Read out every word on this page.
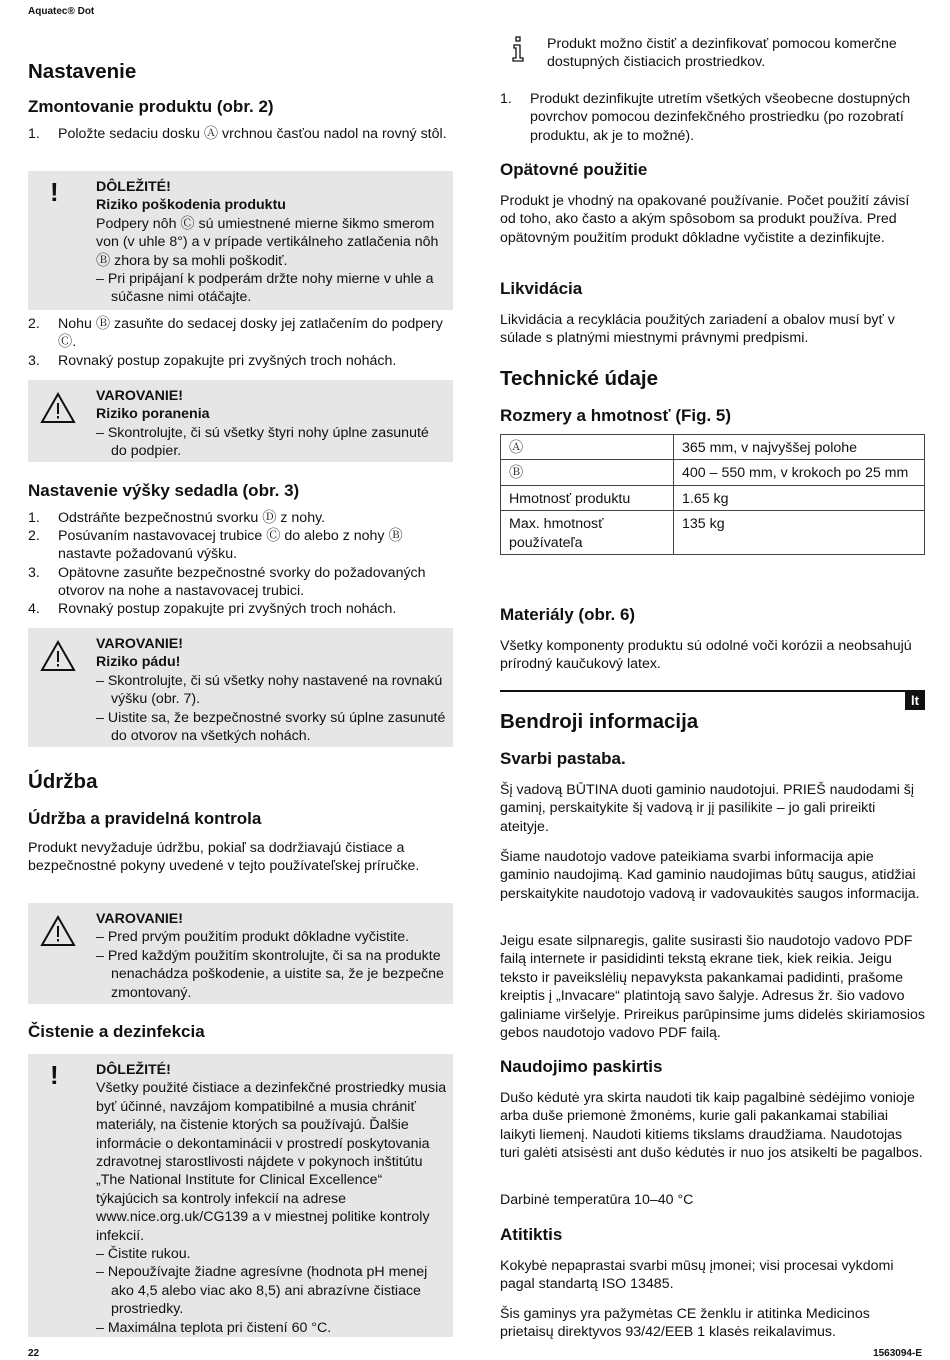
Aquatec® Dot
Nastavenie
Zmontovanie produktu (obr. 2)
1. Položte sedaciu dosku Ⓐ vrchnou časťou nadol na rovný stôl.
!	DÔLEŽITÉ!
Riziko poškodenia produktu
Podpery nôh Ⓒ sú umiestnené mierne šikmo smerom von (v uhle 8°) a v prípade vertikálneho zatlačenia nôh Ⓑ zhora by sa mohli poškodiť.
– Pri pripájaní k podperám držte nohy mierne v uhle a súčasne nimi otáčajte.
2. Nohu Ⓑ zasuňte do sedacej dosky jej zatlačením do podpery Ⓒ.
3. Rovnaký postup zopakujte pri zvyšných troch nohách.
VAROVANIE!
Riziko poranenia
– Skontrolujte, či sú všetky štyri nohy úplne zasunuté do podpier.
Nastavenie výšky sedadla (obr. 3)
1. Odstráňte bezpečnostnú svorku Ⓓ z nohy.
2. Posúvaním nastavovacej trubice Ⓒ do alebo z nohy Ⓑ nastavte požadovanú výšku.
3. Opätovne zasuňte bezpečnostné svorky do požadovaných otvorov na nohe a nastavovacej trubici.
4. Rovnaký postup zopakujte pri zvyšných troch nohách.
VAROVANIE!
Riziko pádu!
– Skontrolujte, či sú všetky nohy nastavené na rovnakú výšku (obr. 7).
– Uistite sa, že bezpečnostné svorky sú úplne zasunuté do otvorov na všetkých nohách.
Údržba
Údržba a pravidelná kontrola
Produkt nevyžaduje údržbu, pokiaľ sa dodržiavajú čistiace a bezpečnostné pokyny uvedené v tejto používateľskej príručke.
VAROVANIE!
– Pred prvým použitím produkt dôkladne vyčistite.
– Pred každým použitím skontrolujte, či sa na produkte nenachádza poškodenie, a uistite sa, že je bezpečne zmontovaný.
Čistenie a dezinfekcia
!	DÔLEŽITÉ!
Všetky použité čistiace a dezinfekčné prostriedky musia byť účinné, navzájom kompatibilné a musia chrániť materiály, na čistenie ktorých sa používajú. Ďalšie informácie o dekontaminácii v prostredí poskytovania zdravotnej starostlivosti nájdete v pokynoch inštitútu „The National Institute for Clinical Excellence“ týkajúcich sa kontroly infekcií na adrese www.nice.org.uk/CG139 a v miestnej politike kontroly infekcií.
– Čistite rukou.
– Nepoužívajte žiadne agresívne (hodnota pH menej ako 4,5 alebo viac ako 8,5) ani abrazívne čistiace prostriedky.
– Maximálna teplota pri čistení 60 °C.
Produkt možno čistiť a dezinfikovať pomocou komerčne dostupných čistiacich prostriedkov.
1. Produkt dezinfikujte utretím všetkých všeobecne dostupných povrchov pomocou dezinfekčného prostriedku (po rozobratí produktu, ak je to možné).
Opätovné použitie
Produkt je vhodný na opakované používanie. Počet použití závisí od toho, ako často a akým spôsobom sa produkt používa. Pred opätovným použitím produkt dôkladne vyčistite a dezinfikujte.
Likvidácia
Likvidácia a recyklácia použitých zariadení a obalov musí byť v súlade s platnými miestnymi právnymi predpismi.
Technické údaje
Rozmery a hmotnosť (Fig. 5)
Ⓐ	365 mm, v najvyššej polohe
Ⓑ	400 – 550 mm, v krokoch po 25 mm
Hmotnosť produktu	1.65 kg
Max. hmotnosť používateľa	135 kg
Materiály (obr. 6)
Všetky komponenty produktu sú odolné voči korózii a neobsahujú prírodný kaučukový latex.
Bendroji informacija
Svarbi pastaba.
Šį vadovą BŪTINA duoti gaminio naudotojui. PRIEŠ naudodami šį gaminį, perskaitykite šį vadovą ir jį pasilikite – jo gali prireikti ateityje.
Šiame naudotojo vadove pateikiama svarbi informacija apie gaminio naudojimą. Kad gaminio naudojimas būtų saugus, atidžiai perskaitykite naudotojo vadovą ir vadovaukitės saugos informacija.
Jeigu esate silpnaregis, galite susirasti šio naudotojo vadovo PDF failą internete ir pasididinti tekstą ekrane tiek, kiek reikia. Jeigu teksto ir paveikslėlių nepavyksta pakankamai padidinti, prašome kreiptis į „Invacare“ platintoją savo šalyje. Adresus žr. šio vadovo galiniame viršelyje. Prireikus parūpinsime jums didelės skiriamosios gebos naudotojo vadovo PDF failą.
Naudojimo paskirtis
Dušo kėdutė yra skirta naudoti tik kaip pagalbinė sėdėjimo vonioje arba duše priemonė žmonėms, kurie gali pakankamai stabiliai laikyti liemenį. Naudoti kitiems tikslams draudžiama. Naudotojas turi galėti atsisėsti ant dušo kėdutės ir nuo jos atsikelti be pagalbos.
Darbinė temperatūra 10–40 °C
Atitiktis
Kokybė nepaprastai svarbi mūsų įmonei; visi procesai vykdomi pagal standartą ISO 13485.
Šis gaminys yra pažymėtas CE ženklu ir atitinka Medicinos prietaisų direktyvos 93/42/EEB 1 klasės reikalavimus.
lt
22	1563094-E
